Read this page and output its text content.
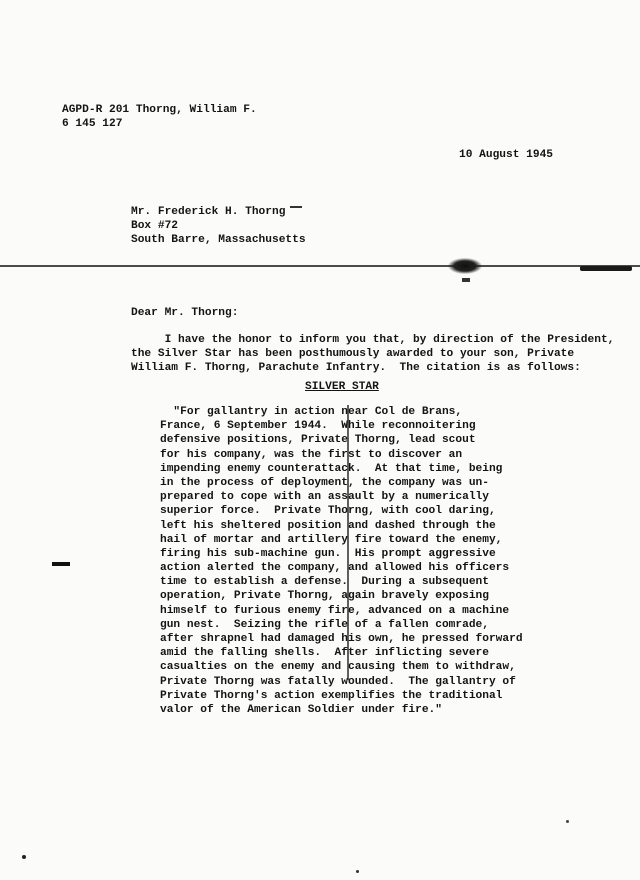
AGPD-R 201 Thorng, William F.
6 145 127
10 August 1945
Mr. Frederick H. Thorng
Box #72
South Barre, Massachusetts
Dear Mr. Thorng:
I have the honor to inform you that, by direction of the President,
the Silver Star has been posthumously awarded to your son, Private
William F. Thorng, Parachute Infantry.  The citation is as follows:
SILVER STAR
"For gallantry in action near Col de Brans,
France, 6 September 1944.  While reconnoitering
defensive positions, Private Thorng, lead scout
for his company, was the first to discover an
impending enemy counterattack.  At that time, being
in the process of deployment, the company was un-
prepared to cope with an assault by a numerically
superior force.  Private Thorng, with cool daring,
left his sheltered position and dashed through the
hail of mortar and artillery fire toward the enemy,
firing his sub-machine gun.  His prompt aggressive
action alerted the company, and allowed his officers
time to establish a defense.  During a subsequent
operation, Private Thorng, again bravely exposing
himself to furious enemy fire, advanced on a machine
gun nest.  Seizing the rifle of a fallen comrade,
after shrapnel had damaged his own, he pressed forward
amid the falling shells.  After inflicting severe
casualties on the enemy and causing them to withdraw,
Private Thorng was fatally wounded.  The gallantry of
Private Thorng's action exemplifies the traditional
valor of the American Soldier under fire."
